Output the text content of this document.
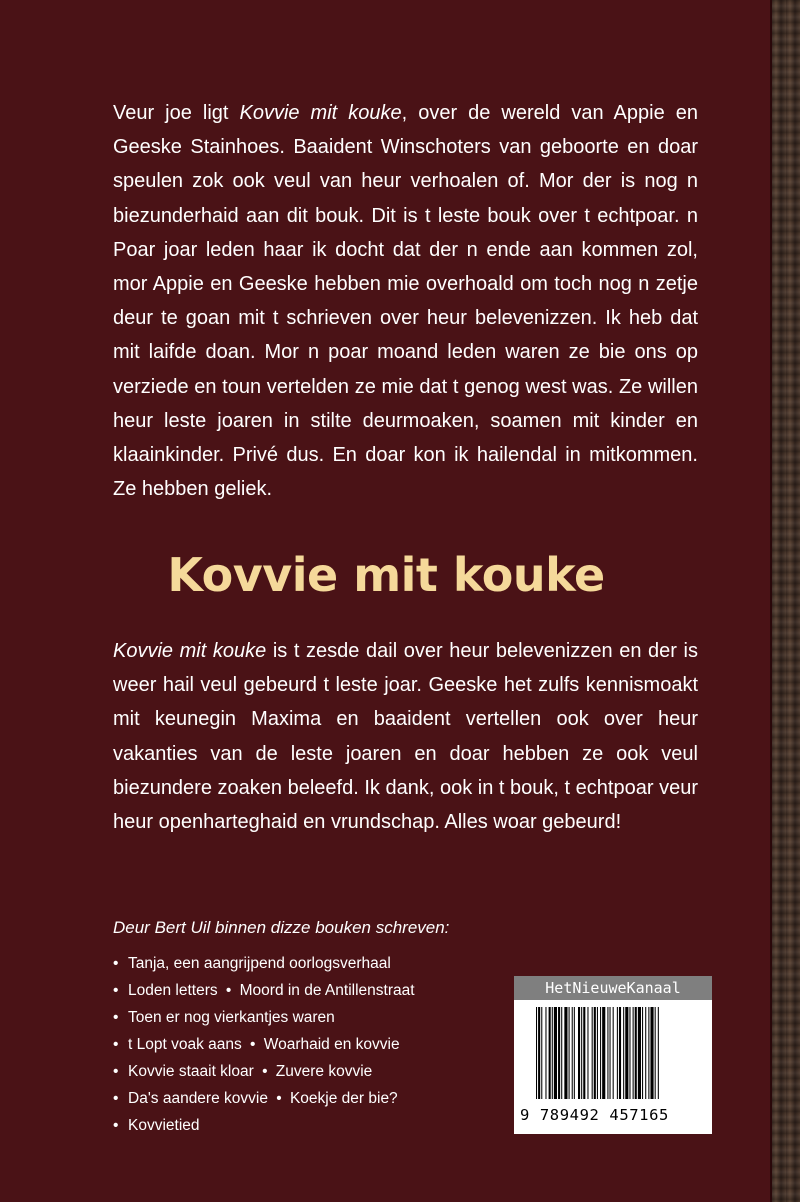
Veur joe ligt Kovvie mit kouke, over de wereld van Appie en Geeske Stainhoes. Baaident Winschoters van geboorte en doar speulen zok ook veul van heur verhoalen of. Mor der is nog n biezunderhaid aan dit bouk. Dit is t leste bouk over t echtpoar. n Poar joar leden haar ik docht dat der n ende aan kommen zol, mor Appie en Geeske hebben mie overhoald om toch nog n zetje deur te goan mit t schrieven over heur belevenizzen. Ik heb dat mit laifde doan. Mor n poar moand leden waren ze bie ons op verziede en toun vertelden ze mie dat t genog west was. Ze willen heur leste joaren in stilte deurmoaken, soamen mit kinder en klaainkinder. Privé dus. En doar kon ik hailendal in mitkommen. Ze hebben geliek.

Kovvie mit kouke

Kovvie mit kouke is t zesde dail over heur belevenizzen en der is weer hail veul gebeurd t leste joar. Geeske het zulfs kennismoakt mit keunegin Maxima en baaident vertellen ook over heur vakanties van de leste joaren en doar hebben ze ook veul biezundere zoaken beleefd. Ik dank, ook in t bouk, t echtpoar veur heur openharteghaid en vrundschap. Alles woar gebeurd!

Deur Bert Uil binnen dizze bouken schreven:

• Tanja, een aangrijpend oorlogsverhaal
• Loden letters • Moord in de Antillenstraat
• Toen er nog vierkantjes waren
• t Lopt voak aans • Woarhaid en kovvie
• Kovvie staait kloar • Zuvere kovvie
• Da's aandere kovvie • Koekje der bie?
• Kovvietied
HetNieuweKanaal
9 789492 457165
